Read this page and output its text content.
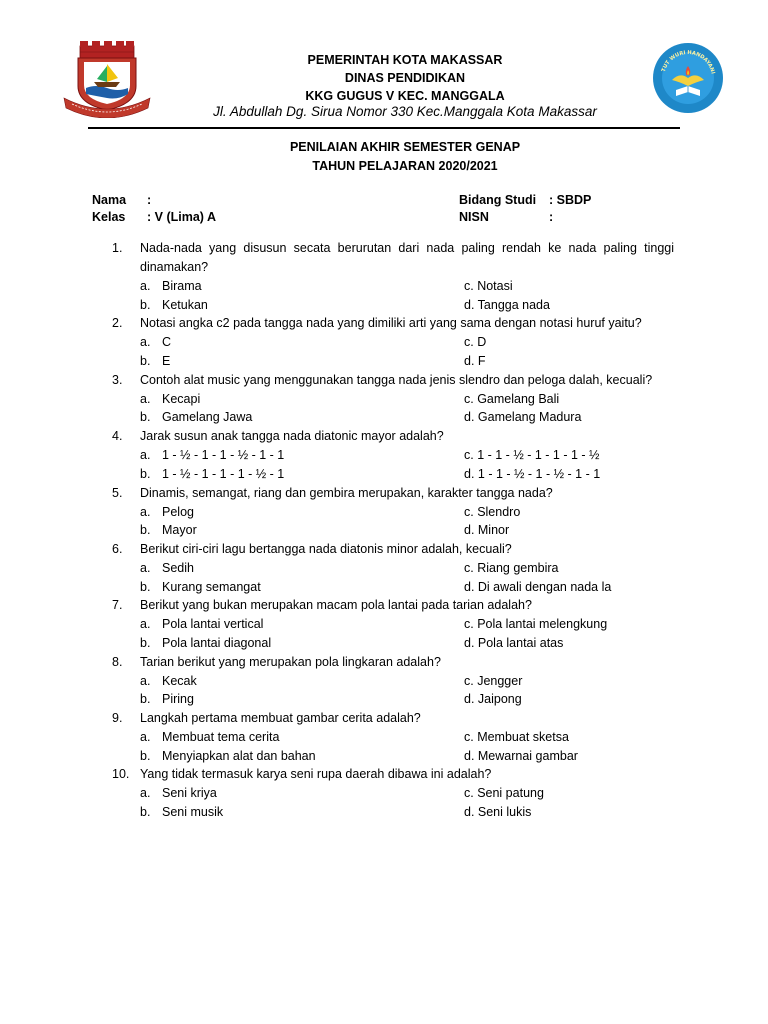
TUT WURI HANDAYANI
PEMERINTAH KOTA MAKASSAR
DINAS PENDIDIKAN
KKG GUGUS V KEC. MANGGALA
Jl. Abdullah Dg. Sirua Nomor 330 Kec.Manggala Kota Makassar
PENILAIAN AKHIR SEMESTER GENAP
TAHUN PELAJARAN 2020/2021
Nama :
Kelas : V (Lima) A
Bidang Studi : SBDP
NISN	:
1.	Nada-nada yang disusun secata berurutan dari nada paling rendah ke nada paling tinggi dinamakan?
a. Birama	c. Notasi
b. Ketukan	d. Tangga nada
2.	Notasi angka c2 pada tangga nada yang dimiliki arti yang sama dengan notasi huruf yaitu?
a. C	c. D
b. E	d. F
3.	Contoh alat music yang menggunakan tangga nada jenis slendro dan peloga dalah, kecuali?
a. Kecapi	c. Gamelang Bali
b. Gamelang Jawa	d. Gamelang Madura
4.	Jarak susun anak tangga nada diatonic mayor adalah?
a. 1 - ½ - 1 - 1 - ½ - 1 - 1	c. 1 - 1 - ½ - 1 - 1 - 1 - ½
b. 1 - ½ - 1 - 1 - 1 - ½ - 1	d. 1 - 1 - ½ - 1 - ½ - 1 - 1
5.	Dinamis, semangat, riang dan gembira merupakan, karakter tangga nada?
a. Pelog	c. Slendro
b. Mayor	d. Minor
6.	Berikut ciri-ciri lagu bertangga nada diatonis minor adalah, kecuali?
a. Sedih	c. Riang gembira
b. Kurang semangat	d. Di awali dengan nada la
7.	Berikut yang bukan merupakan macam pola lantai pada tarian adalah?
a. Pola lantai vertical	c. Pola lantai melengkung
b. Pola lantai diagonal	d. Pola lantai atas
8.	Tarian berikut yang merupakan pola lingkaran adalah?
a. Kecak	c. Jengger
b. Piring	d. Jaipong
9.	Langkah pertama membuat gambar cerita adalah?
a. Membuat tema cerita	c. Membuat sketsa
b. Menyiapkan alat dan bahan	d. Mewarnai gambar
10. Yang tidak termasuk karya seni rupa daerah dibawa ini adalah?
a. Seni kriya	c. Seni patung
b. Seni musik	d. Seni lukis
